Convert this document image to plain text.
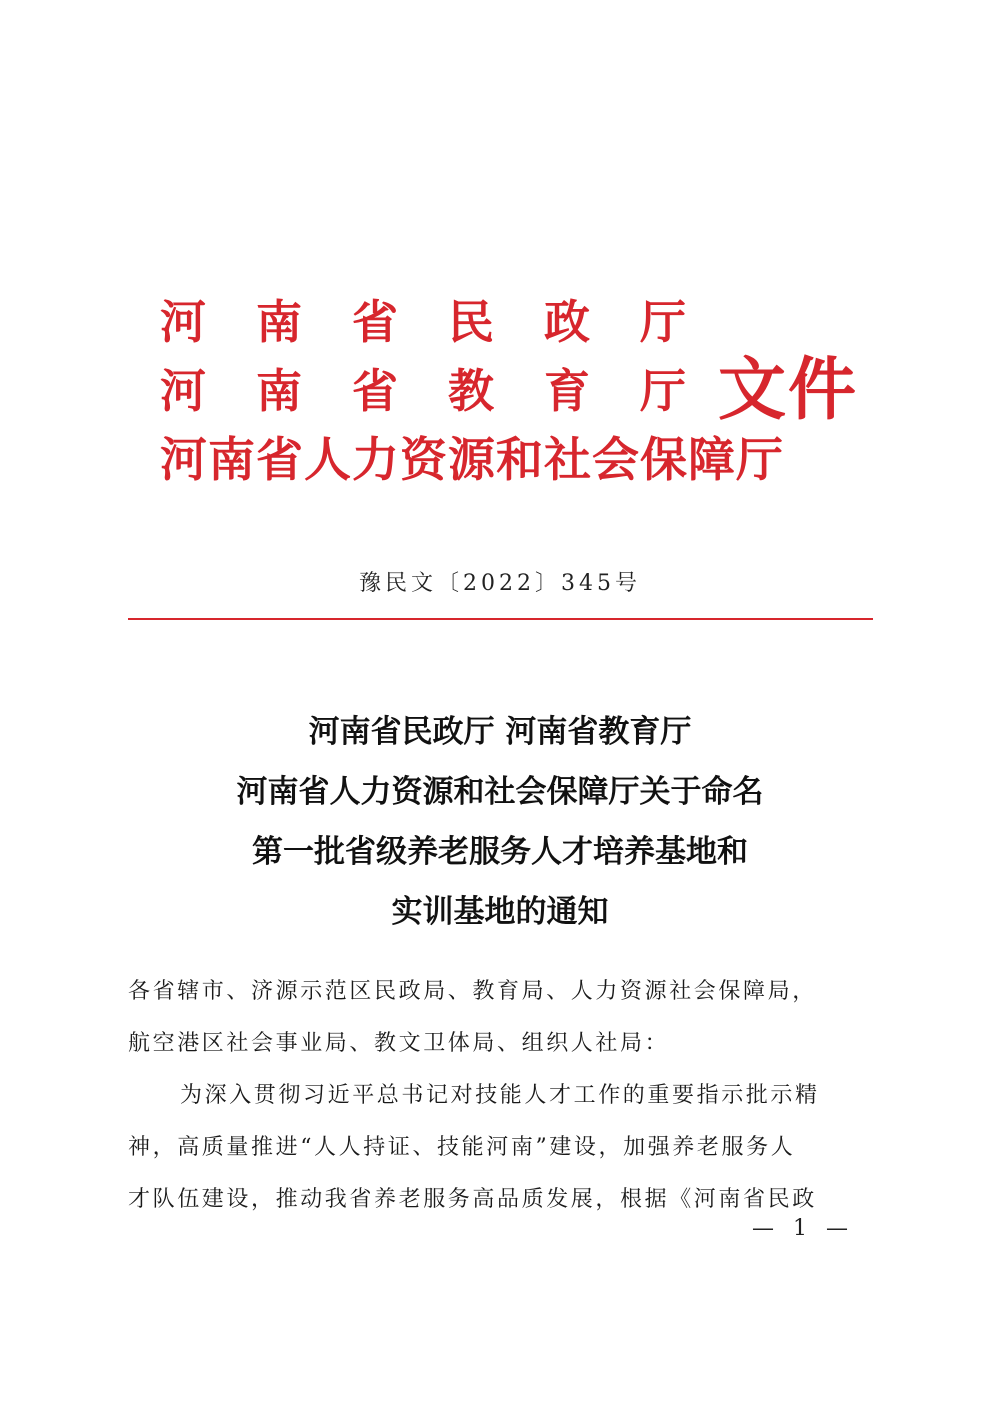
河南省民政厅
河南省教育厅
河南省人力资源和社会保障厅
文件
豫民文〔2022〕345号
河南省民政厅 河南省教育厅
河南省人力资源和社会保障厅关于命名
第一批省级养老服务人才培养基地和
实训基地的通知
各省辖市、济源示范区民政局、教育局、人力资源社会保障局，
航空港区社会事业局、教文卫体局、组织人社局：
为深入贯彻习近平总书记对技能人才工作的重要指示批示精
神，高质量推进“人人持证、技能河南”建设，加强养老服务人
才队伍建设，推动我省养老服务高品质发展，根据《河南省民政
— 1 —
